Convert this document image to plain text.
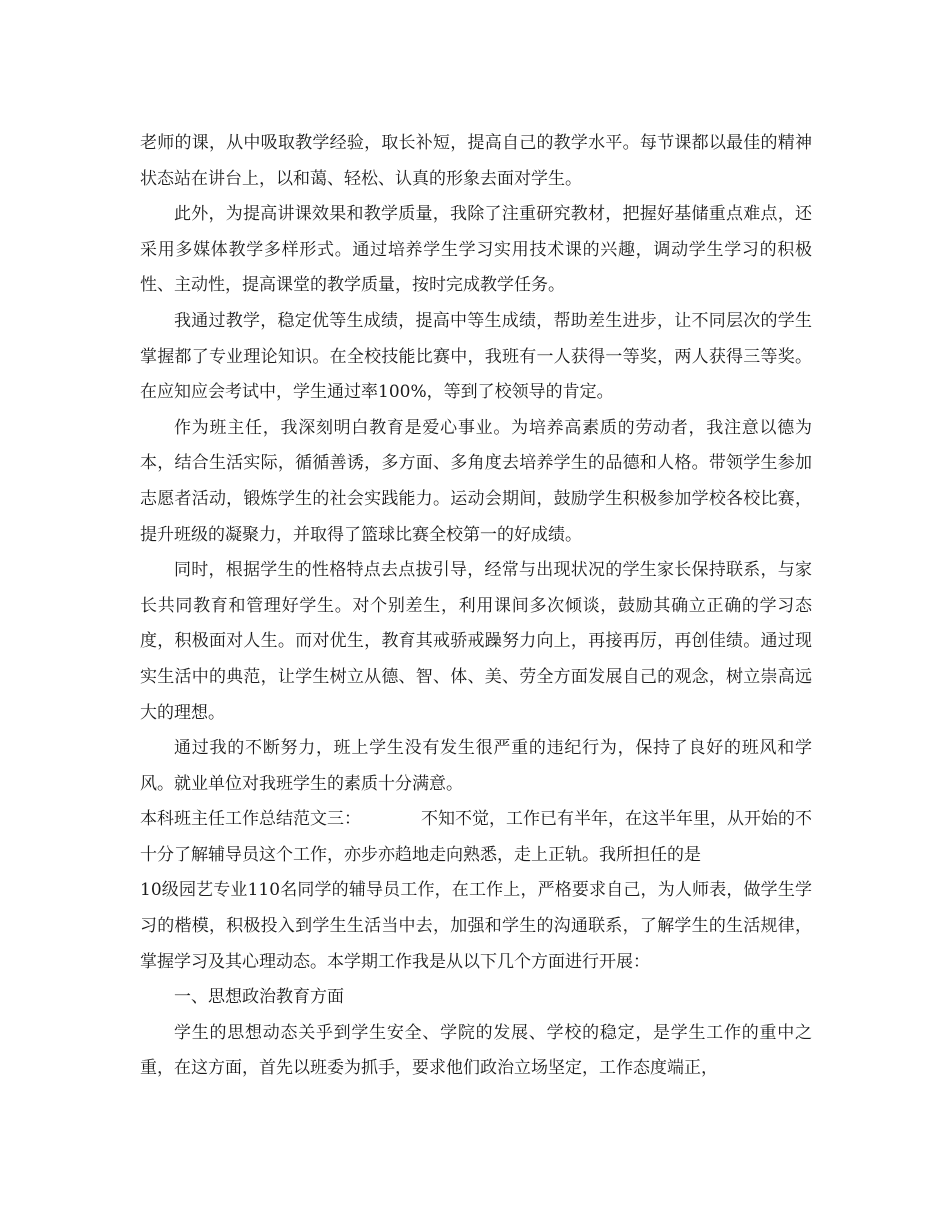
老师的课，从中吸取教学经验，取长补短，提高自己的教学水平。每节课都以最佳的精神状态站在讲台上，以和蔼、轻松、认真的形象去面对学生。

此外，为提高讲课效果和教学质量，我除了注重研究教材，把握好基储重点难点，还采用多媒体教学多样形式。通过培养学生学习实用技术课的兴趣，调动学生学习的积极性、主动性，提高课堂的教学质量，按时完成教学任务。

我通过教学，稳定优等生成绩，提高中等生成绩，帮助差生进步，让不同层次的学生掌握都了专业理论知识。在全校技能比赛中，我班有一人获得一等奖，两人获得三等奖。在应知应会考试中，学生通过率100%，等到了校领导的肯定。

作为班主任，我深刻明白教育是爱心事业。为培养高素质的劳动者，我注意以德为本，结合生活实际，循循善诱，多方面、多角度去培养学生的品德和人格。带领学生参加志愿者活动，锻炼学生的社会实践能力。运动会期间，鼓励学生积极参加学校各校比赛，提升班级的凝聚力，并取得了篮球比赛全校第一的好成绩。

同时，根据学生的性格特点去点拔引导，经常与出现状况的学生家长保持联系，与家长共同教育和管理好学生。对个别差生，利用课间多次倾谈，鼓励其确立正确的学习态度，积极面对人生。而对优生，教育其戒骄戒躁努力向上，再接再厉，再创佳绩。通过现实生活中的典范，让学生树立从德、智、体、美、劳全方面发展自己的观念，树立崇高远大的理想。

通过我的不断努力，班上学生没有发生很严重的违纪行为，保持了良好的班风和学风。就业单位对我班学生的素质十分满意。

本科班主任工作总结范文三：	不知不觉，工作已有半年，在这半年里，从开始的不十分了解辅导员这个工作，亦步亦趋地走向熟悉，走上正轨。我所担任的是

10级园艺专业110名同学的辅导员工作，在工作上，严格要求自己，为人师表，做学生学习的楷模，积极投入到学生生活当中去，加强和学生的沟通联系，了解学生的生活规律，掌握学习及其心理动态。本学期工作我是从以下几个方面进行开展：

一、思想政治教育方面

学生的思想动态关乎到学生安全、学院的发展、学校的稳定，是学生工作的重中之重，在这方面，首先以班委为抓手，要求他们政治立场坚定，工作态度端正，
